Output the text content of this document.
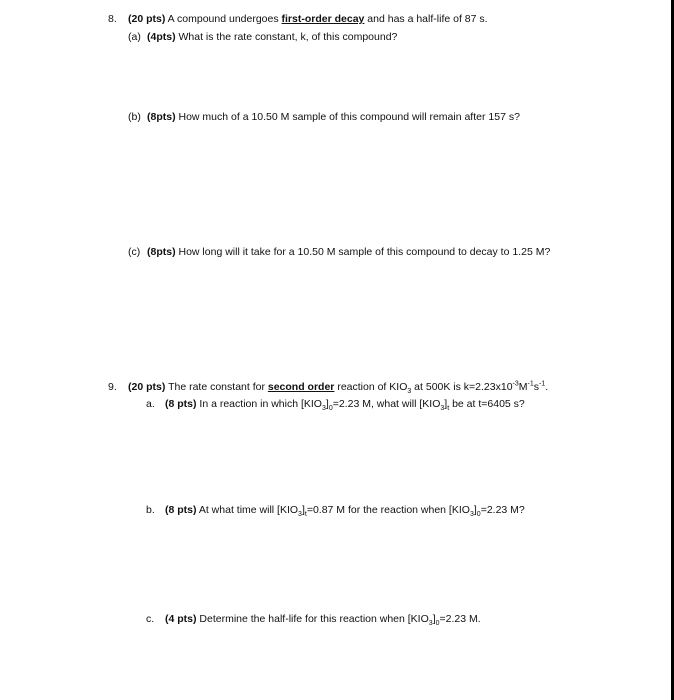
8. (20 pts) A compound undergoes first-order decay and has a half-life of 87 s.
(a) (4pts) What is the rate constant, k, of this compound?
(b) (8pts) How much of a 10.50 M sample of this compound will remain after 157 s?
(c) (8pts) How long will it take for a 10.50 M sample of this compound to decay to 1.25 M?
9. (20 pts) The rate constant for second order reaction of $KIO_3$ at 500K is $k=2.23x10^{-3}M^{-1}s^{-1}$.
a. (8 pts) In a reaction in which $[KIO_3]_0=2.23$ M, what will $[KIO_3]_t$ be at t=6405 s?
b. (8 pts) At what time will $[KIO_3]_t=0.87$ M for the reaction when $[KIO_3]_0=2.23$ M?
c. (4 pts) Determine the half-life for this reaction when $[KIO_3]_0=2.23$ M.
